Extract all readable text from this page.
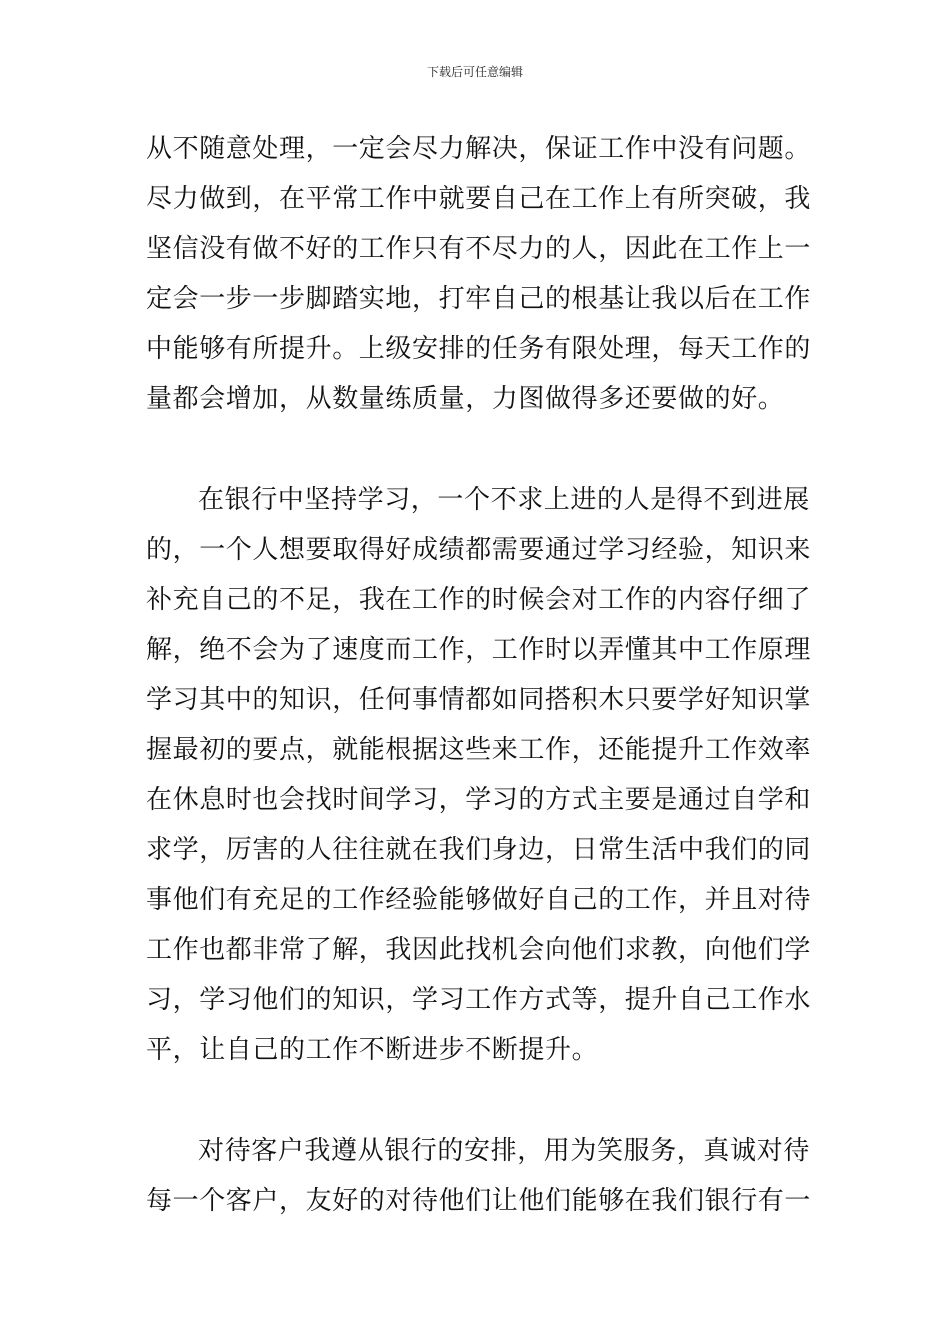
下载后可任意编辑
从不随意处理，一定会尽力解决，保证工作中没有问题。
尽力做到，在平常工作中就要自己在工作上有所突破，我
坚信没有做不好的工作只有不尽力的人，因此在工作上一
定会一步一步脚踏实地，打牢自己的根基让我以后在工作
中能够有所提升。上级安排的任务有限处理，每天工作的
量都会增加，从数量练质量，力图做得多还要做的好。
在银行中坚持学习，一个不求上进的人是得不到进展
的，一个人想要取得好成绩都需要通过学习经验，知识来
补充自己的不足，我在工作的时候会对工作的内容仔细了
解，绝不会为了速度而工作，工作时以弄懂其中工作原理
学习其中的知识，任何事情都如同搭积木只要学好知识掌
握最初的要点，就能根据这些来工作，还能提升工作效率
在休息时也会找时间学习，学习的方式主要是通过自学和
求学，厉害的人往往就在我们身边，日常生活中我们的同
事他们有充足的工作经验能够做好自己的工作，并且对待
工作也都非常了解，我因此找机会向他们求教，向他们学
习，学习他们的知识，学习工作方式等，提升自己工作水
平，让自己的工作不断进步不断提升。
对待客户我遵从银行的安排，用为笑服务，真诚对待
每一个客户，友好的对待他们让他们能够在我们银行有一
